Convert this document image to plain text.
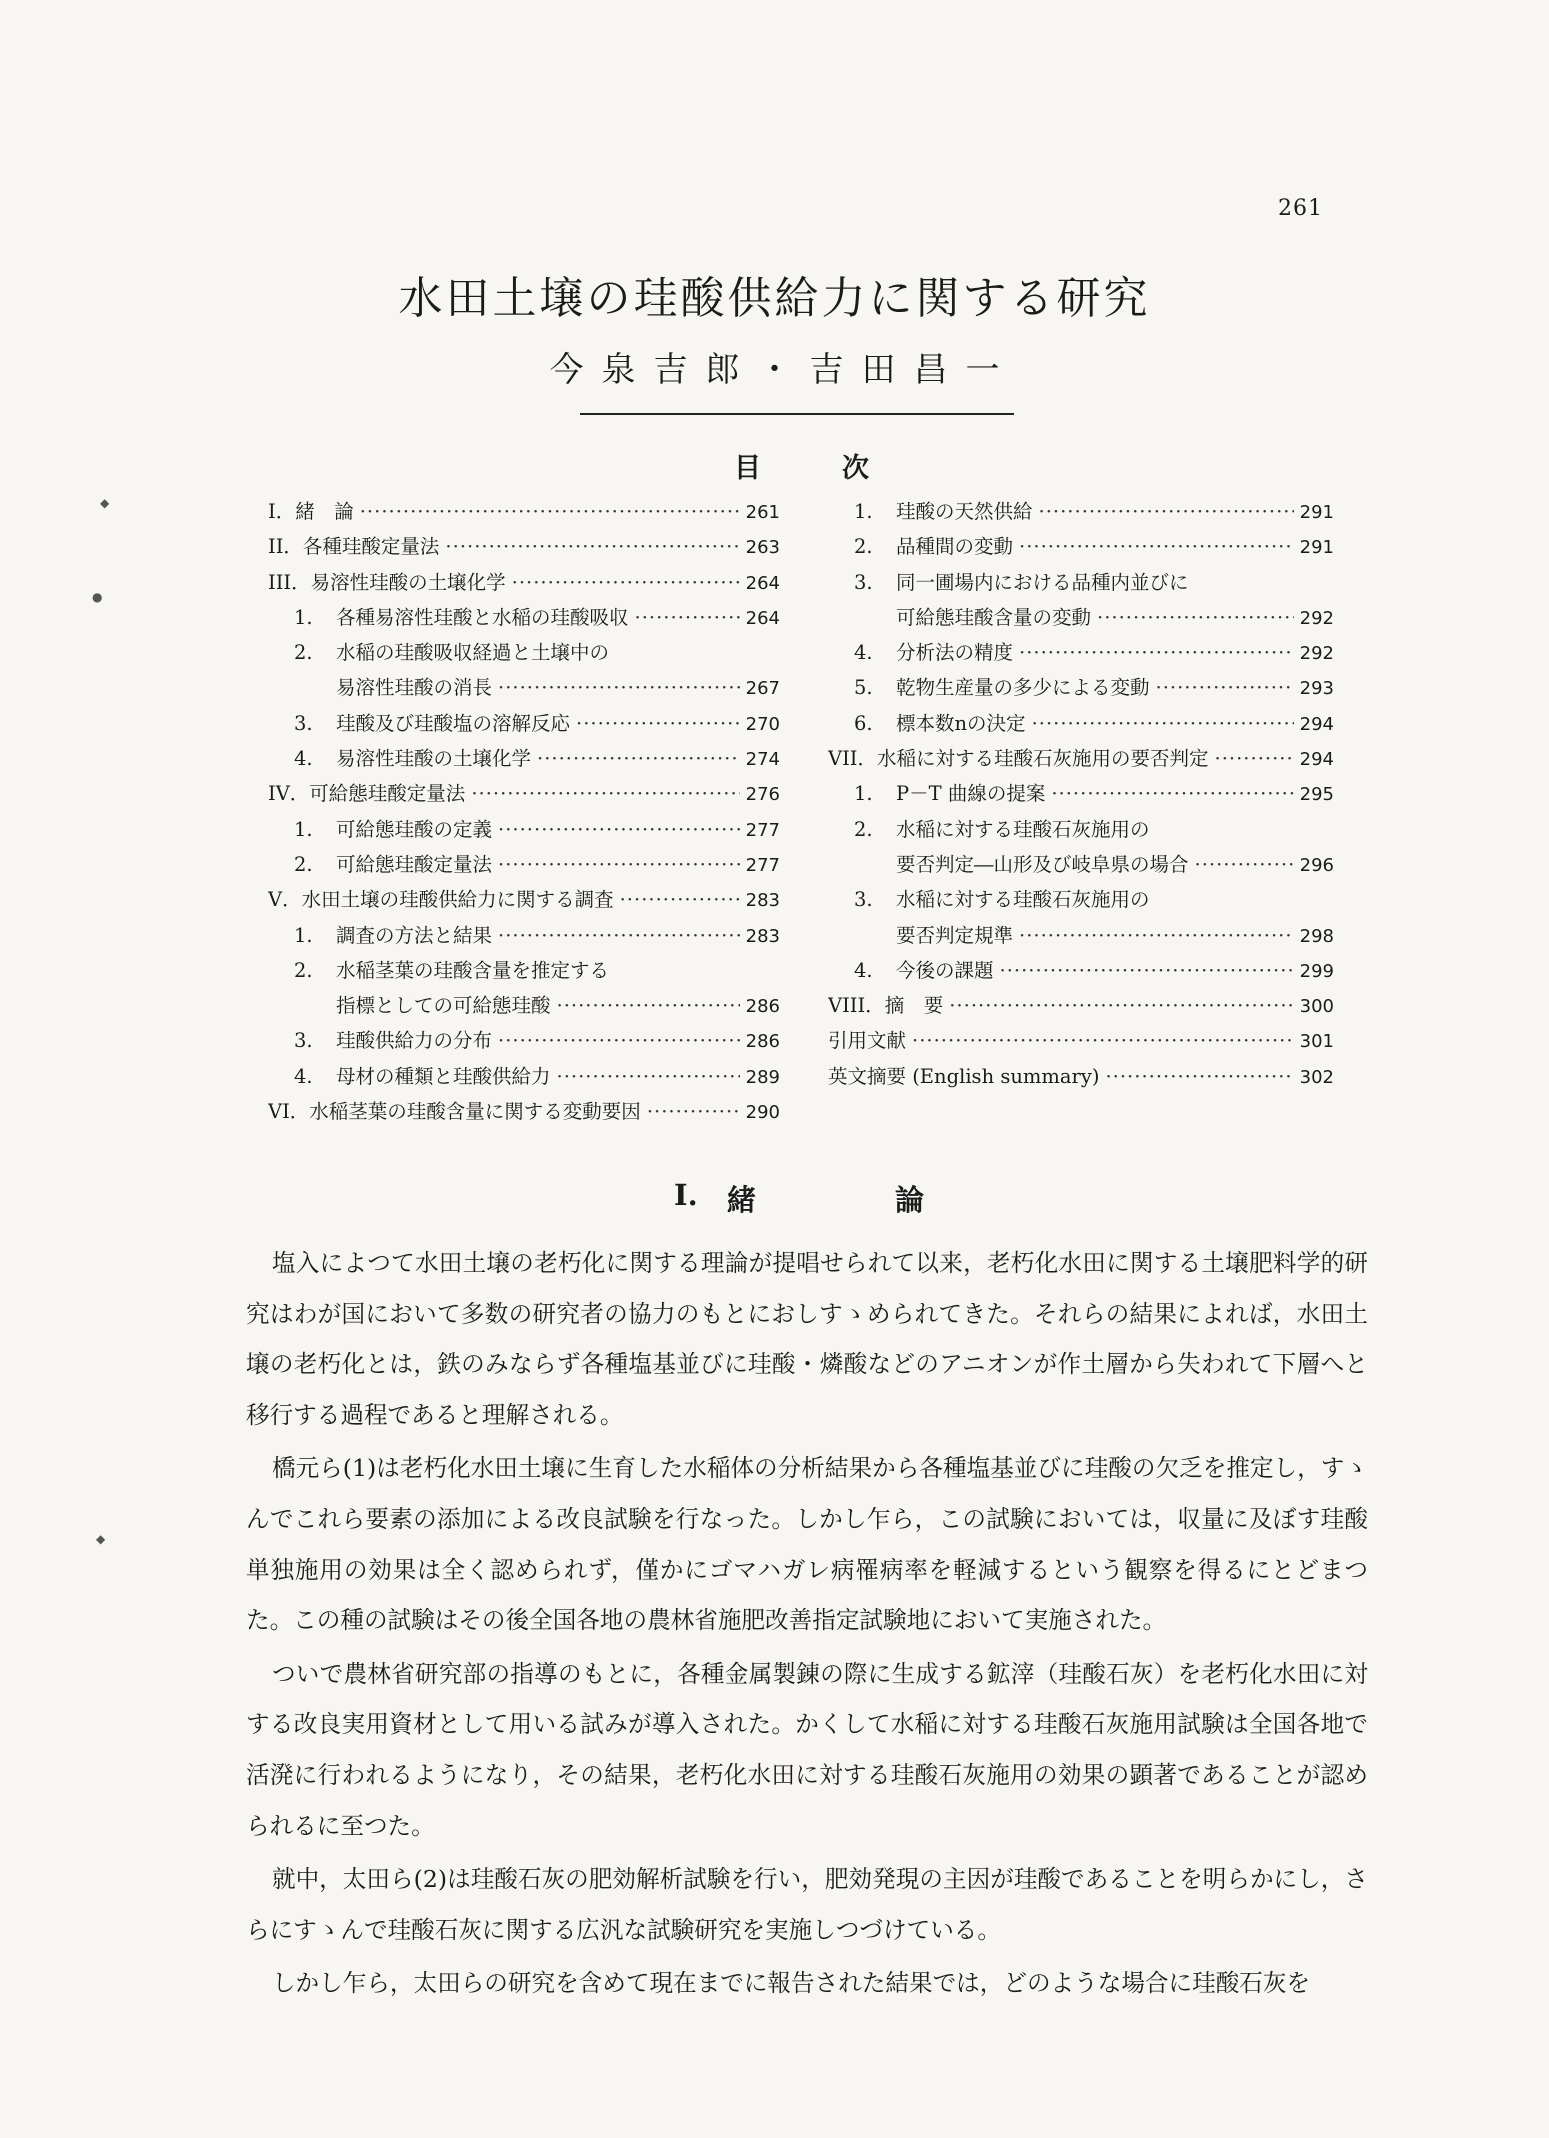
261
水田土壌の珪酸供給力に関する研究
今泉吉郎・吉田昌一
目	次
I． 緒　論 ·····	261
II． 各種珪酸定量法 ·····	263
III． 易溶性珪酸の土壌化学 ·····	264
1.	各種易溶性珪酸と水稲の珪酸吸収 ·····	264
2.	水稲の珪酸吸収経過と土壌中の
易溶性珪酸の消長 ·····	267
3.	珪酸及び珪酸塩の溶解反応 ·····	270
4.	易溶性珪酸の土壌化学 ·····	274
IV． 可給態珪酸定量法 ·····	276
1.	可給態珪酸の定義 ·····	277
2.	可給態珪酸定量法 ·····	277
V． 水田土壌の珪酸供給力に関する調査 ·····	283
1.	調査の方法と結果 ·····	283
2.	水稲茎葉の珪酸含量を推定する
指標としての可給態珪酸 ·····	286
3.	珪酸供給力の分布 ·····	286
4.	母材の種類と珪酸供給力 ·····	289
VI． 水稲茎葉の珪酸含量に関する変動要因 ·····	290
1.	珪酸の天然供給 ·····	291
2.	品種間の変動 ·····	291
3.	同一圃場内における品種内並びに
可給態珪酸含量の変動 ·····	292
4.	分析法の精度 ·····	292
5.	乾物生産量の多少による変動 ·····	293
6.	標本数nの決定 ·····	294
VII． 水稲に対する珪酸石灰施用の要否判定 ·····	294
1.	P－T 曲線の提案 ·····	295
2.	水稲に対する珪酸石灰施用の
要否判定―山形及び岐阜県の場合 ·····	296
3.	水稲に対する珪酸石灰施用の
要否判定規準 ·····	298
4.	今後の課題 ·····	299
VIII． 摘　要 ·····	300
引用文献 ·····	301
英文摘要 (English summary) ·····	302
I. 緒	論

塩入によつて水田土壌の老朽化に関する理論が提唱せられて以来，老朽化水田に関する土壌肥料学的研究はわが国において多数の研究者の協力のもとにおしすゝめられてきた。それらの結果によれば，水田土壌の老朽化とは，鉄のみならず各種塩基並びに珪酸・燐酸などのアニオンが作土層から失われて下層へと移行する過程であると理解される。

橋元ら(1)は老朽化水田土壌に生育した水稲体の分析結果から各種塩基並びに珪酸の欠乏を推定し，すゝんでこれら要素の添加による改良試験を行なった。しかし乍ら，この試験においては，収量に及ぼす珪酸単独施用の効果は全く認められず，僅かにゴマハガレ病罹病率を軽減するという観察を得るにとどまつた。この種の試験はその後全国各地の農林省施肥改善指定試験地において実施された。

ついで農林省研究部の指導のもとに，各種金属製錬の際に生成する鉱滓（珪酸石灰）を老朽化水田に対する改良実用資材として用いる試みが導入された。かくして水稲に対する珪酸石灰施用試験は全国各地で活溌に行われるようになり，その結果，老朽化水田に対する珪酸石灰施用の効果の顕著であることが認められるに至つた。

就中，太田ら(2)は珪酸石灰の肥効解析試験を行い，肥効発現の主因が珪酸であることを明らかにし，さらにすゝんで珪酸石灰に関する広汎な試験研究を実施しつづけている。

しかし乍ら，太田らの研究を含めて現在までに報告された結果では，どのような場合に珪酸石灰を

◆
●
◆
